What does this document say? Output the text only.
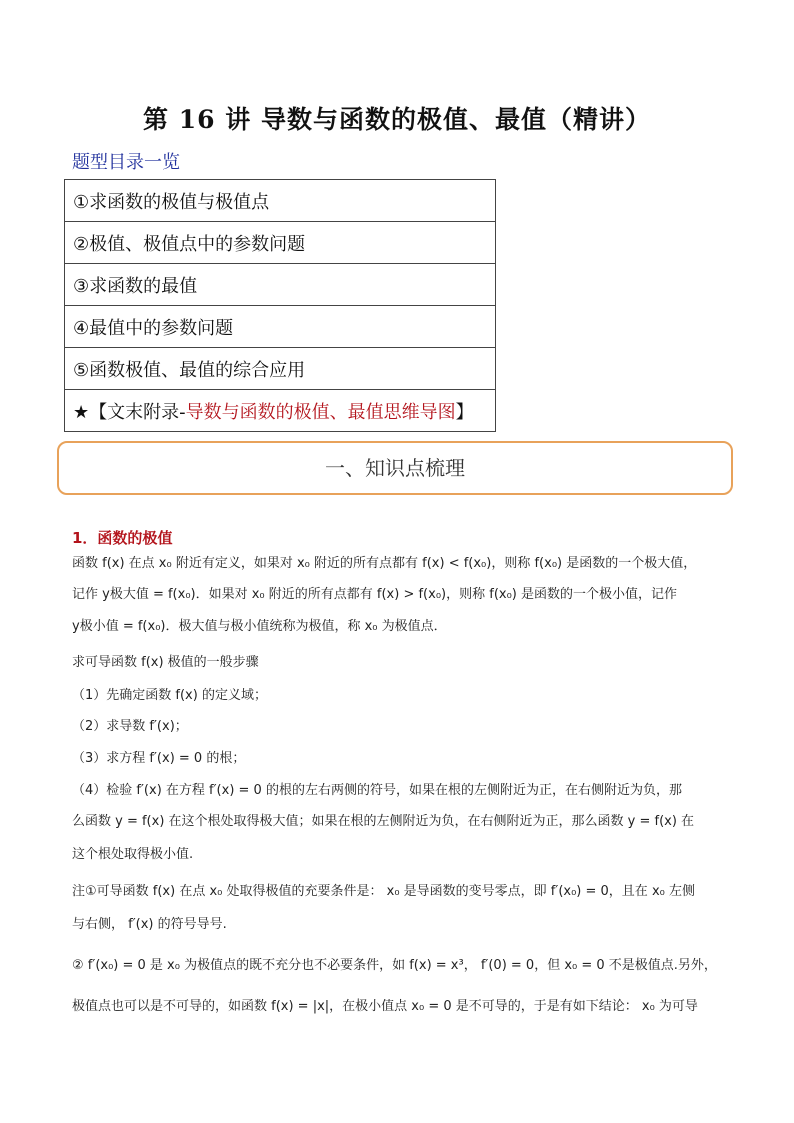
第 16 讲 导数与函数的极值、最值（精讲）
题型目录一览
①求函数的极值与极值点
②极值、极值点中的参数问题
③求函数的最值
④最值中的参数问题
⑤函数极值、最值的综合应用
★【文末附录-导数与函数的极值、最值思维导图】
一、知识点梳理
1．函数的极值
函数 f(x) 在点 x₀ 附近有定义，如果对 x₀ 附近的所有点都有 f(x) < f(x₀)，则称 f(x₀) 是函数的一个极大值，
记作 y极大值 = f(x₀)．如果对 x₀ 附近的所有点都有 f(x) > f(x₀)，则称 f(x₀) 是函数的一个极小值，记作
y极小值 = f(x₀)．极大值与极小值统称为极值，称 x₀ 为极值点．
求可导函数 f(x) 极值的一般步骤
（1）先确定函数 f(x) 的定义域；
（2）求导数 f′(x)；
（3）求方程 f′(x) = 0 的根；
（4）检验 f′(x) 在方程 f′(x) = 0 的根的左右两侧的符号，如果在根的左侧附近为正，在右侧附近为负，那
么函数 y = f(x) 在这个根处取得极大值；如果在根的左侧附近为负，在右侧附近为正，那么函数 y = f(x) 在
这个根处取得极小值.
注①可导函数 f(x) 在点 x₀ 处取得极值的充要条件是： x₀ 是导函数的变号零点，即 f′(x₀) = 0，且在 x₀ 左侧
与右侧， f′(x) 的符号导号.
② f′(x₀) = 0 是 x₀ 为极值点的既不充分也不必要条件，如 f(x) = x³， f′(0) = 0，但 x₀ = 0 不是极值点.另外，
极值点也可以是不可导的，如函数 f(x) = |x|，在极小值点 x₀ = 0 是不可导的，于是有如下结论： x₀ 为可导
